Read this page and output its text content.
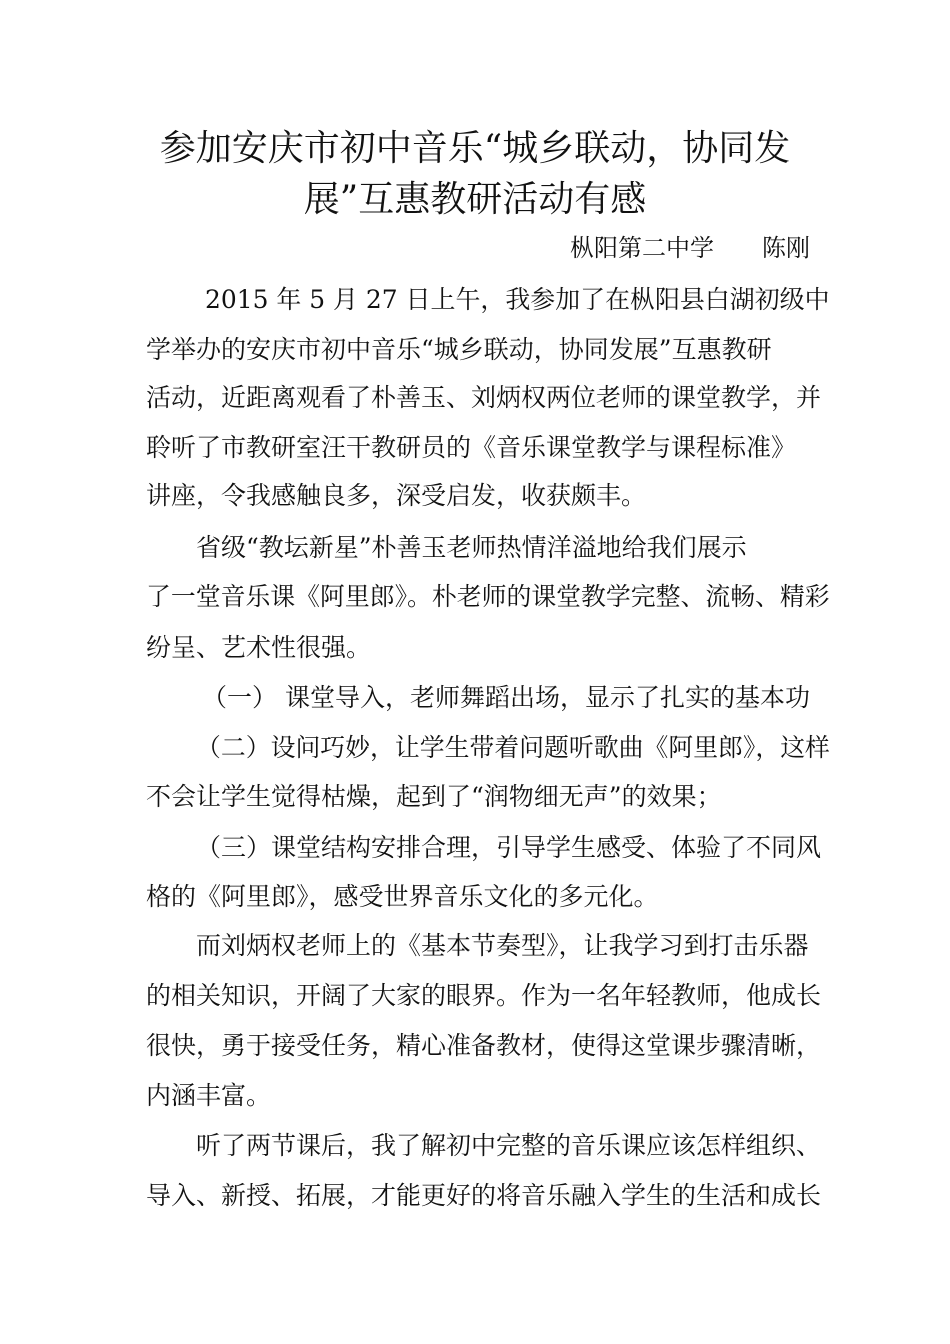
参加安庆市初中音乐“城乡联动，协同发
展”互惠教研活动有感
枞阳第二中学 陈刚
2015 年 5 月 27 日上午，我参加了在枞阳县白湖初级中
学举办的安庆市初中音乐“城乡联动，协同发展”互惠教研
活动，近距离观看了朴善玉、刘炳权两位老师的课堂教学，并
聆听了市教研室汪干教研员的《音乐课堂教学与课程标准》
讲座，令我感触良多，深受启发，收获颇丰。
省级“教坛新星”朴善玉老师热情洋溢地给我们展示
了一堂音乐课《阿里郎》。朴老师的课堂教学完整、流畅、精彩
纷呈、艺术性很强。
（一） 课堂导入，老师舞蹈出场，显示了扎实的基本功
（二）设问巧妙，让学生带着问题听歌曲《阿里郎》，这样
不会让学生觉得枯燥，起到了“润物细无声”的效果；
（三）课堂结构安排合理，引导学生感受、体验了不同风
格的《阿里郎》，感受世界音乐文化的多元化。
而刘炳权老师上的《基本节奏型》，让我学习到打击乐器
的相关知识，开阔了大家的眼界。作为一名年轻教师，他成长
很快，勇于接受任务，精心准备教材，使得这堂课步骤清晰，
内涵丰富。
听了两节课后，我了解初中完整的音乐课应该怎样组织、
导入、新授、拓展，才能更好的将音乐融入学生的生活和成长
